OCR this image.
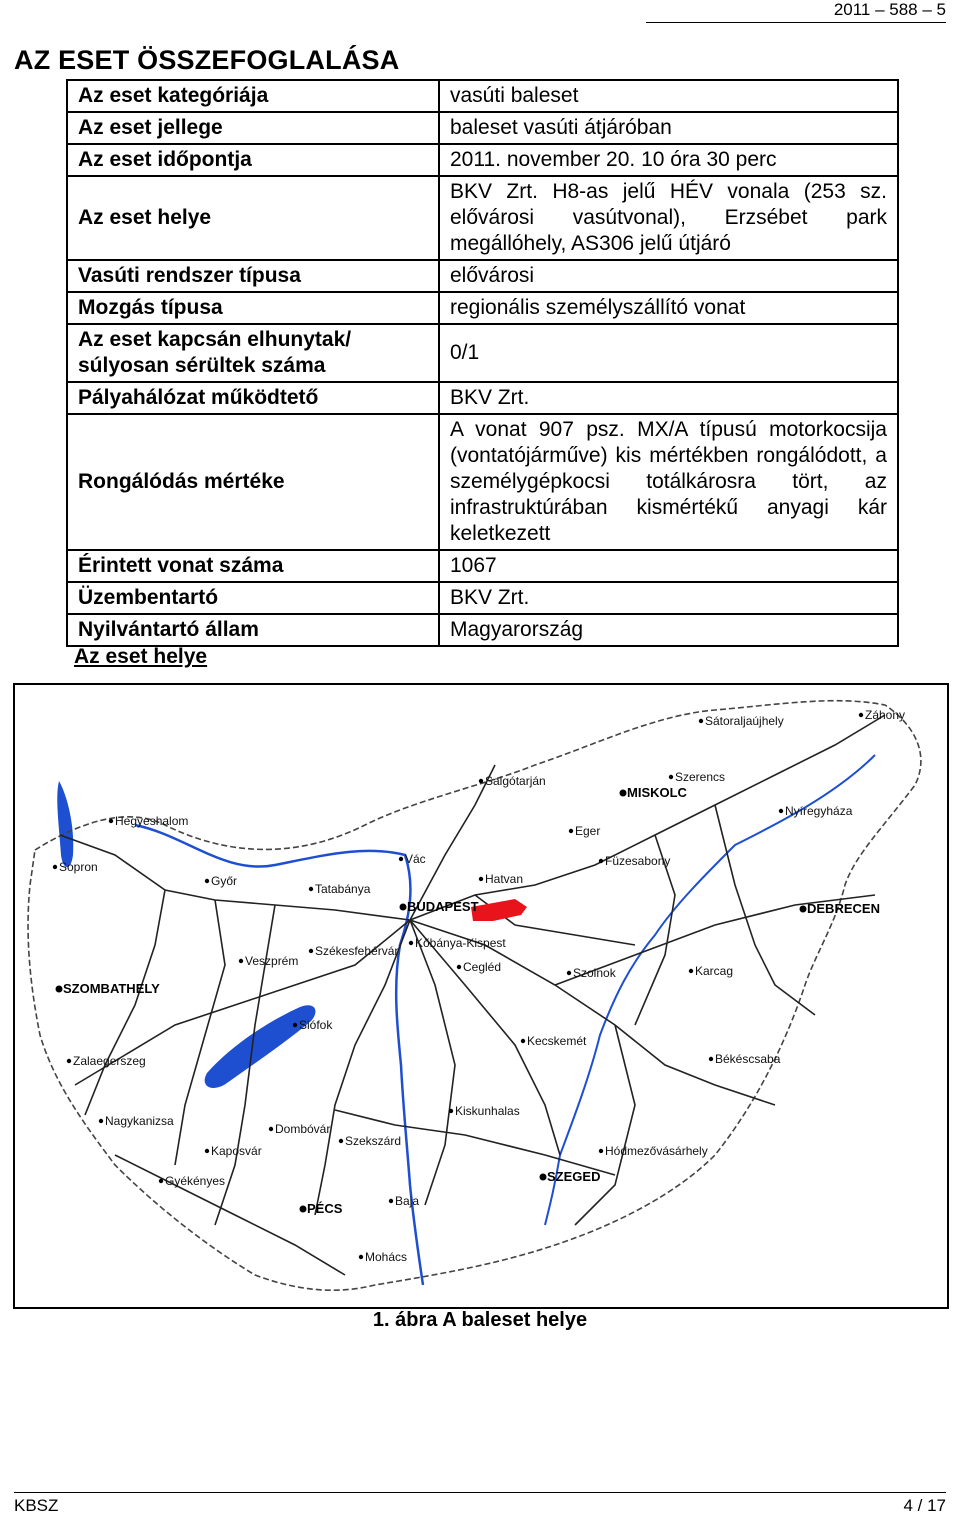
2011 – 588 – 5
AZ ESET ÖSSZEFOGLALÁSA
Az eset kategóriája	vasúti baleset
Az eset jellege	baleset vasúti átjáróban
Az eset időpontja	2011. november 20. 10 óra 30 perc
Az eset helye	BKV Zrt. H8-as jelű HÉV vonala (253 sz. elővárosi vasútvonal), Erzsébet park megállóhely, AS306 jelű útjáró
Vasúti rendszer típusa	elővárosi
Mozgás típusa	regionális személyszállító vonat
Az eset kapcsán elhunytak/ súlyosan sérültek száma	0/1
Pályahálózat működtető	BKV Zrt.
Rongálódás mértéke	A vonat 907 psz. MX/A típusú motorkocsija (vontatójárműve) kis mértékben rongálódott, a személygépkocsi totálkárosra tört, az infrastruktúrában kismértékű anyagi kár keletkezett
Érintett vonat száma	1067
Üzembentartó	BKV Zrt.
Nyilvántartó állam	Magyarország
Az eset helye
BUDAPEST
MISKOLC
DEBRECEN
SZEGED
PÉCS
SZOMBATHELY
Győr
Szolnok
Kecskemét
Nyíregyháza
Sopron
Veszprém
Székesfehérvár
Kaposvár
Békéscsaba
Tatabánya
Hatvan
Eger
Zalaegerszeg
Nagykanizsa
Szekszárd
Baja
Kiskunhalas
Cegléd
Vác
Salgótarján	Szerencs
Sátoraljaújhely	Záhony
Hegyeshalom
Siófok
Dombóvár
Mohács
Gyékényes
Hódmezővásárhely
Karcag
Füzesabony
Kőbánya-Kispest
1. ábra A baleset helye
KBSZ	4 / 17
